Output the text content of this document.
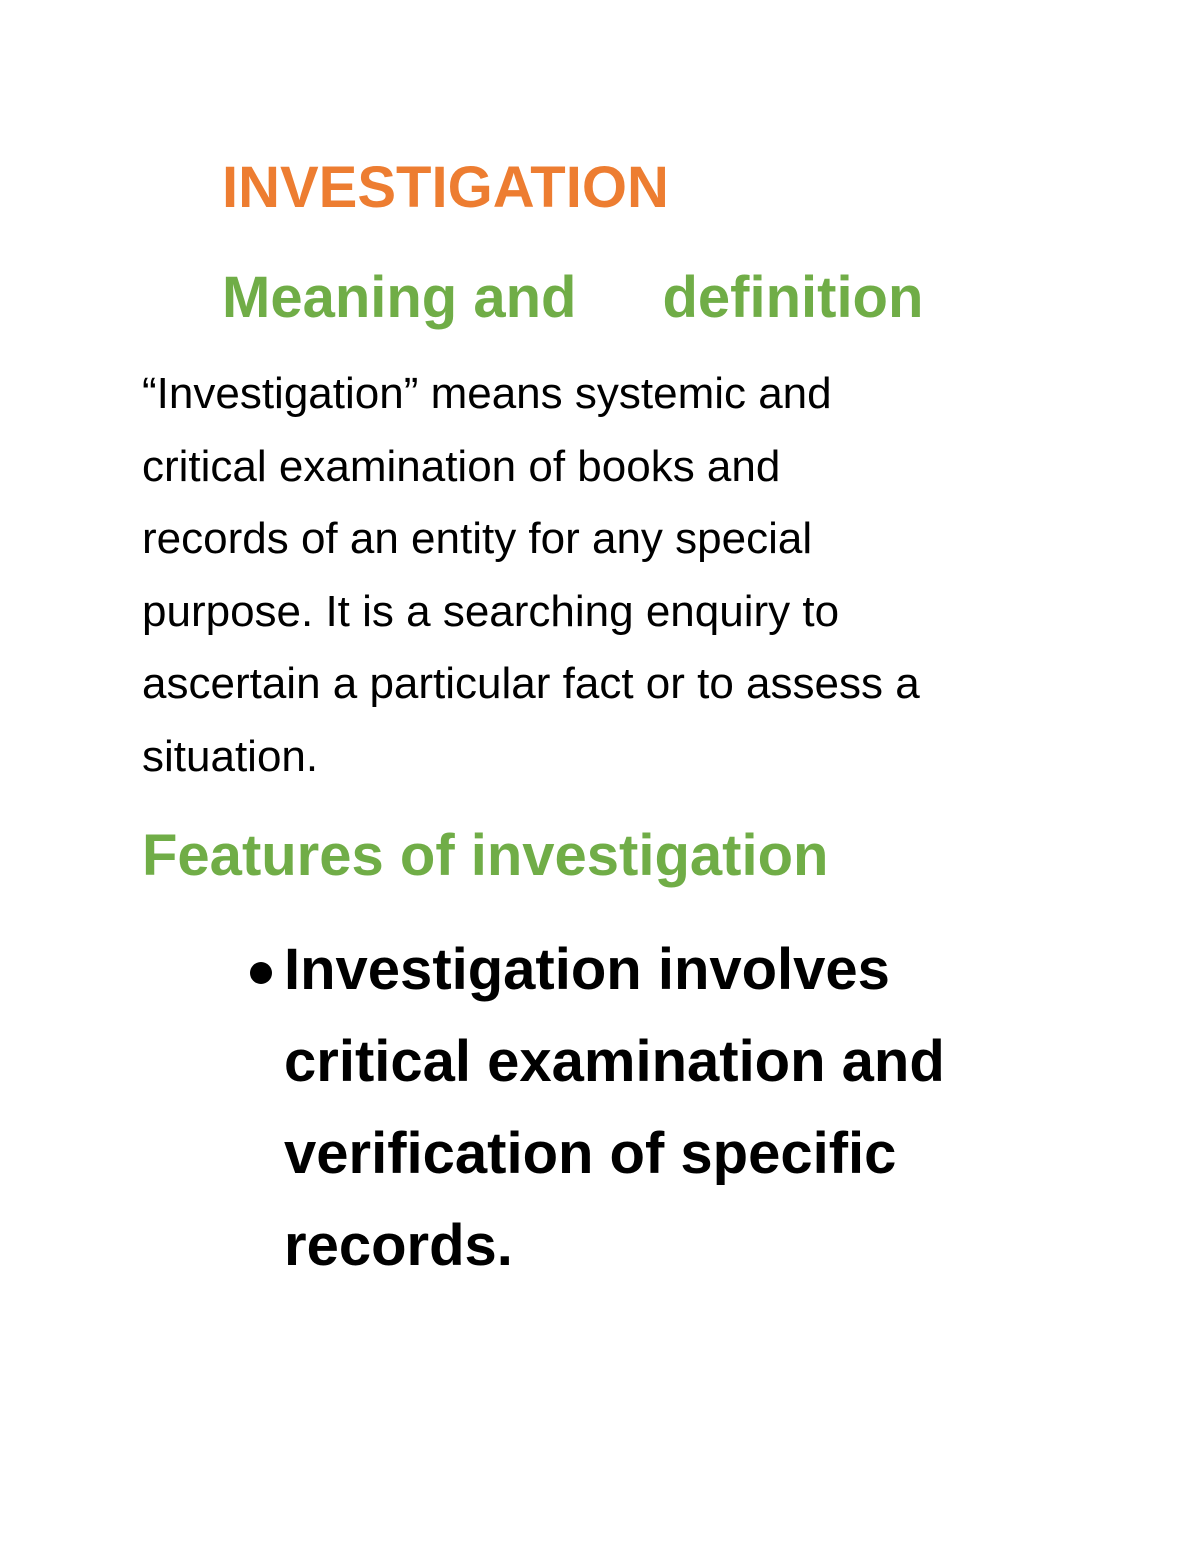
INVESTIGATION
Meaning and definition

“Investigation” means systemic and
critical examination of books and
records of an entity for any special
purpose. It is a searching enquiry to
ascertain a particular fact or to assess a
situation.

Features of investigation
Investigation involves
critical examination and
verification of specific
records.
